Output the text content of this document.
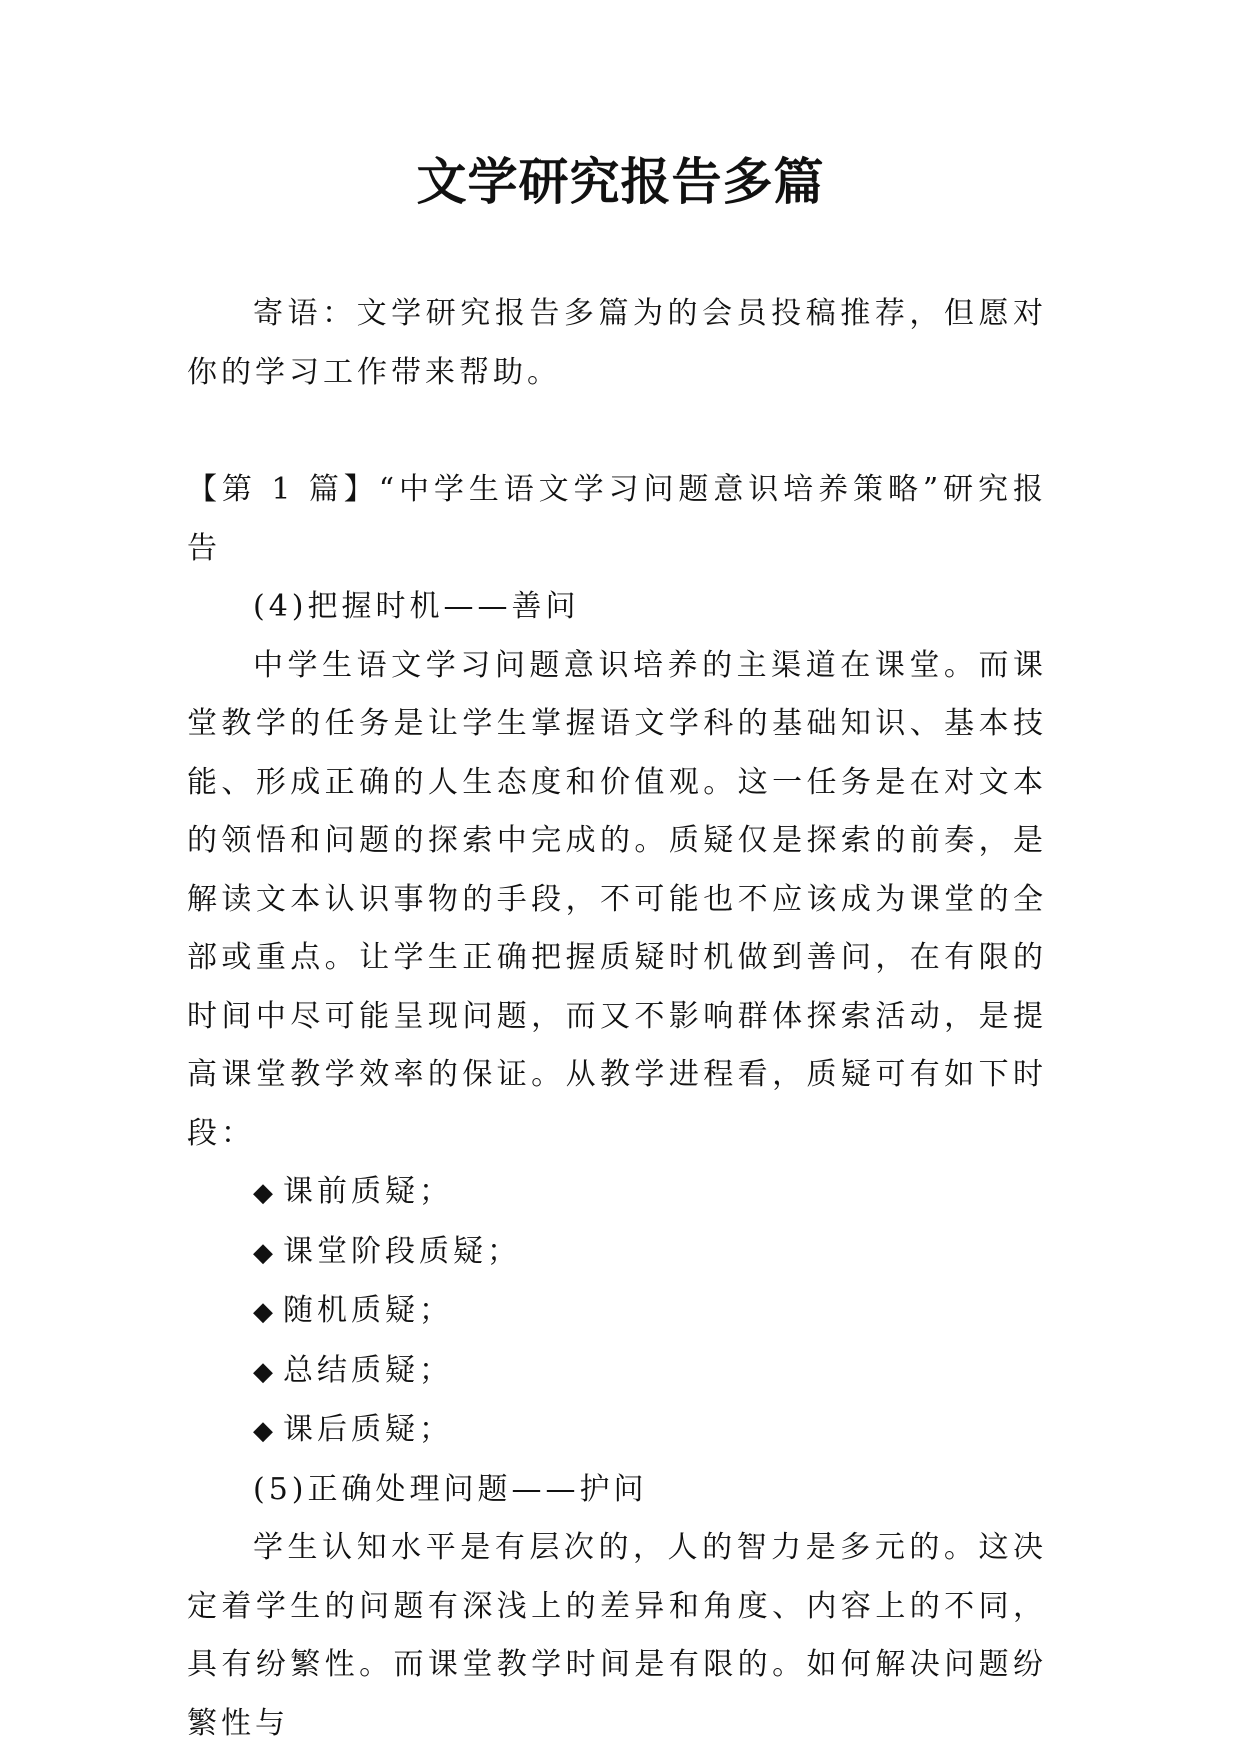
文学研究报告多篇

寄语：文学研究报告多篇为的会员投稿推荐，但愿对你的学习工作带来帮助。

【第 1 篇】“中学生语文学习问题意识培养策略”研究报告

(4)把握时机——善问

中学生语文学习问题意识培养的主渠道在课堂。而课堂教学的任务是让学生掌握语文学科的基础知识、基本技能、形成正确的人生态度和价值观。这一任务是在对文本的领悟和问题的探索中完成的。质疑仅是探索的前奏，是解读文本认识事物的手段，不可能也不应该成为课堂的全部或重点。让学生正确把握质疑时机做到善问，在有限的时间中尽可能呈现问题，而又不影响群体探索活动，是提高课堂教学效率的保证。从教学进程看，质疑可有如下时段：

◆ 课前质疑；
◆ 课堂阶段质疑；
◆ 随机质疑；
◆ 总结质疑；
◆ 课后质疑；

(5)正确处理问题——护问

学生认知水平是有层次的，人的智力是多元的。这决定着学生的问题有深浅上的差异和角度、内容上的不同，具有纷繁性。而课堂教学时间是有限的。如何解决问题纷繁性与
